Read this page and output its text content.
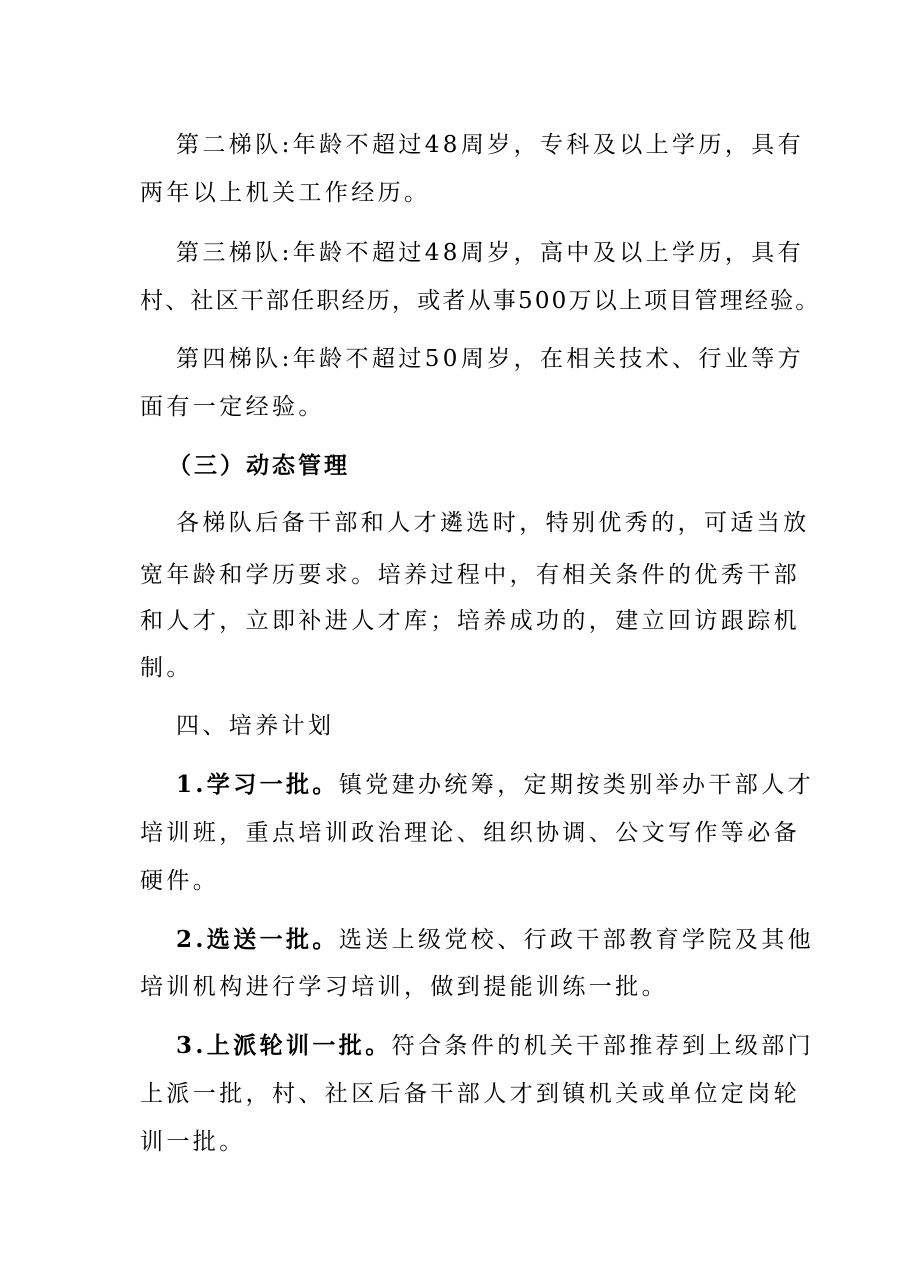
第二梯队:年龄不超过48周岁，专科及以上学历，具有
两年以上机关工作经历。
第三梯队:年龄不超过48周岁，高中及以上学历，具有
村、社区干部任职经历，或者从事500万以上项目管理经验。
第四梯队:年龄不超过50周岁，在相关技术、行业等方
面有一定经验。
（三）动态管理
各梯队后备干部和人才遴选时，特别优秀的，可适当放
宽年龄和学历要求。培养过程中，有相关条件的优秀干部
和人才，立即补进人才库；培养成功的，建立回访跟踪机
制。
四、培养计划
1.学习一批。镇党建办统筹，定期按类别举办干部人才
培训班，重点培训政治理论、组织协调、公文写作等必备
硬件。
2.选送一批。选送上级党校、行政干部教育学院及其他
培训机构进行学习培训，做到提能训练一批。
3.上派轮训一批。符合条件的机关干部推荐到上级部门
上派一批，村、社区后备干部人才到镇机关或单位定岗轮
训一批。
